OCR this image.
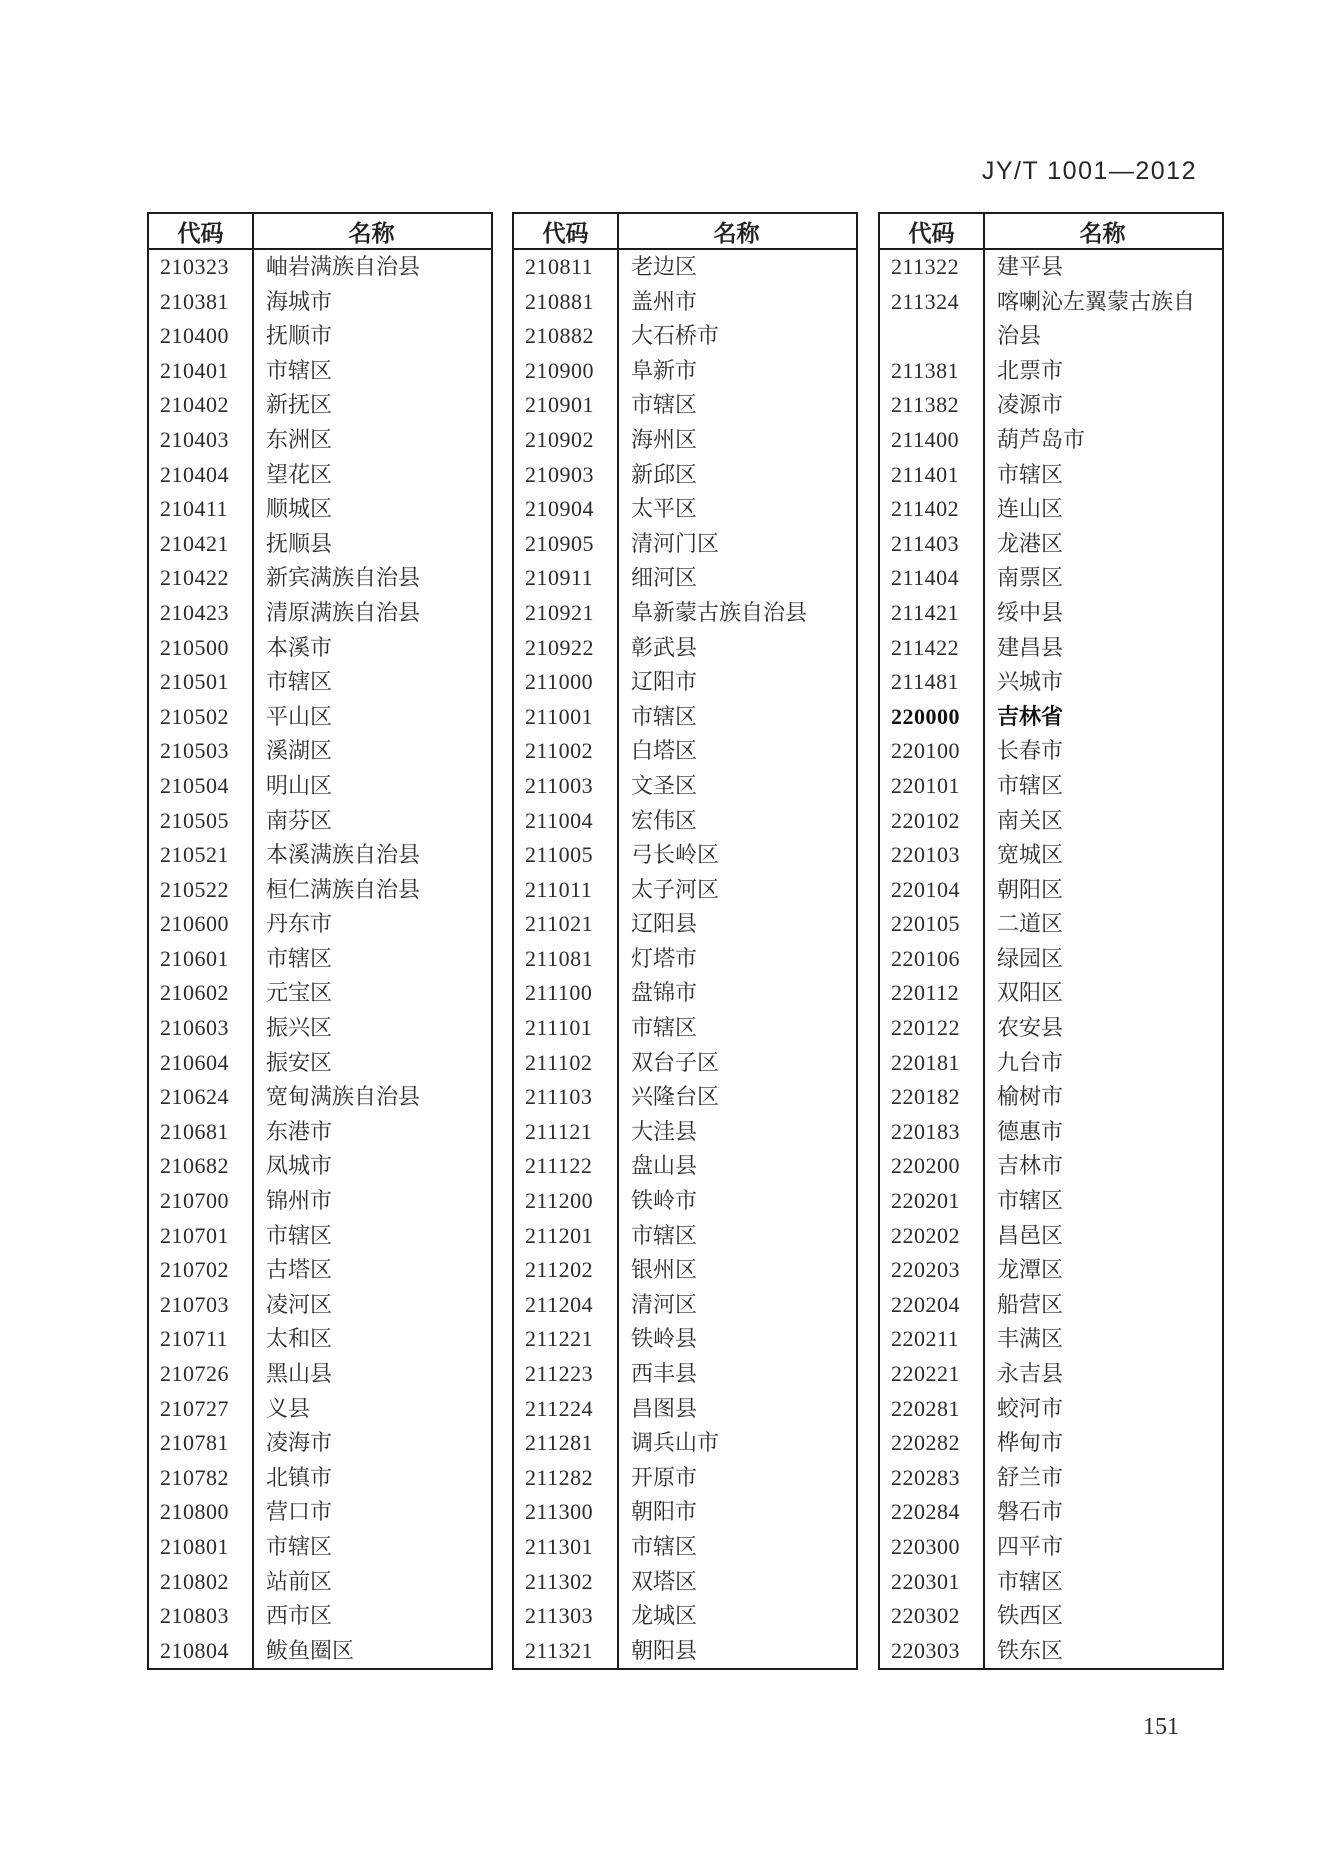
JY/T 1001—2012
代码	名称
210323	岫岩满族自治县
210381	海城市
210400	抚顺市
210401	市辖区
210402	新抚区
210403	东洲区
210404	望花区
210411	顺城区
210421	抚顺县
210422	新宾满族自治县
210423	清原满族自治县
210500	本溪市
210501	市辖区
210502	平山区
210503	溪湖区
210504	明山区
210505	南芬区
210521	本溪满族自治县
210522	桓仁满族自治县
210600	丹东市
210601	市辖区
210602	元宝区
210603	振兴区
210604	振安区
210624	宽甸满族自治县
210681	东港市
210682	凤城市
210700	锦州市
210701	市辖区
210702	古塔区
210703	凌河区
210711	太和区
210726	黑山县
210727	义县
210781	凌海市
210782	北镇市
210800	营口市
210801	市辖区
210802	站前区
210803	西市区
210804	鲅鱼圈区
代码	名称
210811	老边区
210881	盖州市
210882	大石桥市
210900	阜新市
210901	市辖区
210902	海州区
210903	新邱区
210904	太平区
210905	清河门区
210911	细河区
210921	阜新蒙古族自治县
210922	彰武县
211000	辽阳市
211001	市辖区
211002	白塔区
211003	文圣区
211004	宏伟区
211005	弓长岭区
211011	太子河区
211021	辽阳县
211081	灯塔市
211100	盘锦市
211101	市辖区
211102	双台子区
211103	兴隆台区
211121	大洼县
211122	盘山县
211200	铁岭市
211201	市辖区
211202	银州区
211204	清河区
211221	铁岭县
211223	西丰县
211224	昌图县
211281	调兵山市
211282	开原市
211300	朝阳市
211301	市辖区
211302	双塔区
211303	龙城区
211321	朝阳县
代码	名称
211322	建平县
211324	喀喇沁左翼蒙古族自治县
211381	北票市
211382	凌源市
211400	葫芦岛市
211401	市辖区
211402	连山区
211403	龙港区
211404	南票区
211421	绥中县
211422	建昌县
211481	兴城市
220000	吉林省
220100	长春市
220101	市辖区
220102	南关区
220103	宽城区
220104	朝阳区
220105	二道区
220106	绿园区
220112	双阳区
220122	农安县
220181	九台市
220182	榆树市
220183	德惠市
220200	吉林市
220201	市辖区
220202	昌邑区
220203	龙潭区
220204	船营区
220211	丰满区
220221	永吉县
220281	蛟河市
220282	桦甸市
220283	舒兰市
220284	磐石市
220300	四平市
220301	市辖区
220302	铁西区
220303	铁东区
151
